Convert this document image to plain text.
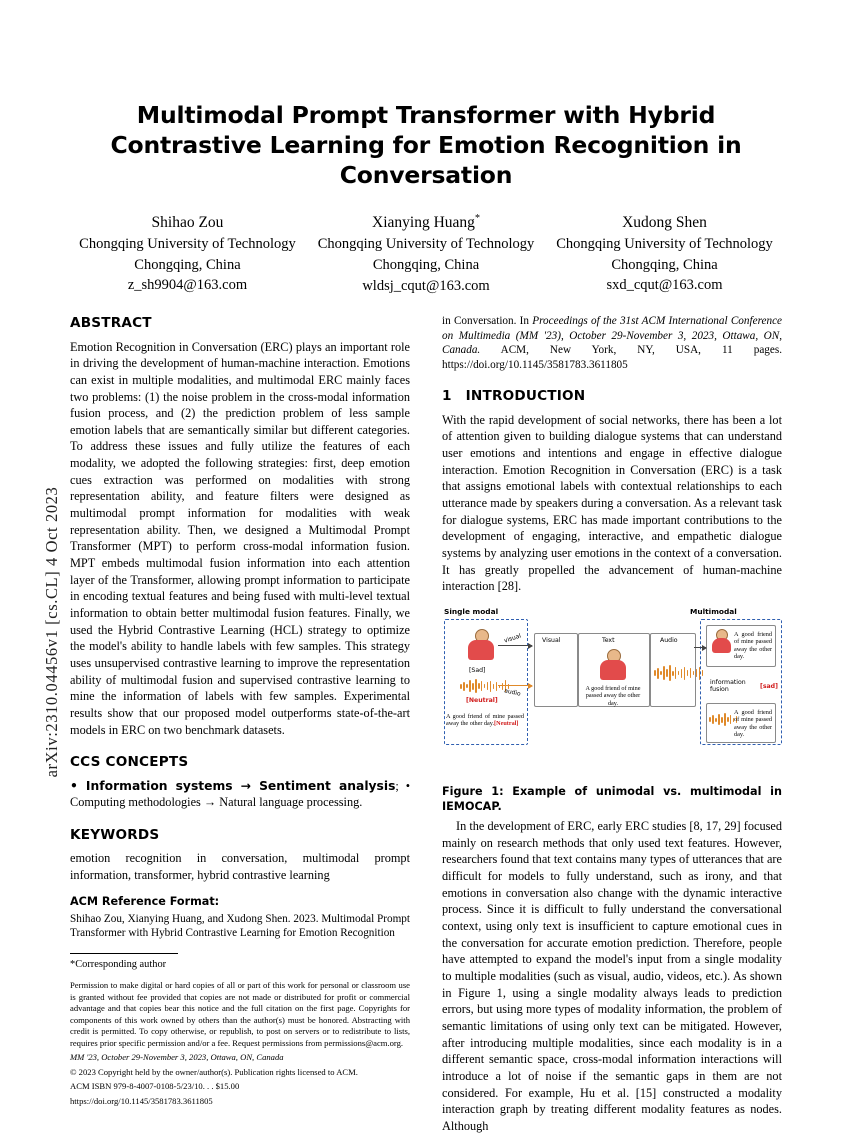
arXiv:2310.04456v1 [cs.CL] 4 Oct 2023
Multimodal Prompt Transformer with Hybrid Contrastive Learning for Emotion Recognition in Conversation
Shihao Zou
Chongqing University of Technology
Chongqing, China
z_sh9904@163.com
Xianying Huang*
Chongqing University of Technology
Chongqing, China
wldsj_cqut@163.com
Xudong Shen
Chongqing University of Technology
Chongqing, China
sxd_cqut@163.com
ABSTRACT

Emotion Recognition in Conversation (ERC) plays an important role in driving the development of human-machine interaction. Emotions can exist in multiple modalities, and multimodal ERC mainly faces two problems: (1) the noise problem in the cross-modal information fusion process, and (2) the prediction problem of less sample emotion labels that are semantically similar but different categories. To address these issues and fully utilize the features of each modality, we adopted the following strategies: first, deep emotion cues extraction was performed on modalities with strong representation ability, and feature filters were designed as multimodal prompt information for modalities with weak representation ability. Then, we designed a Multimodal Prompt Transformer (MPT) to perform cross-modal information fusion. MPT embeds multimodal fusion information into each attention layer of the Transformer, allowing prompt information to participate in encoding textual features and being fused with multi-level textual information to obtain better multimodal fusion features. Finally, we used the Hybrid Contrastive Learning (HCL) strategy to optimize the model's ability to handle labels with few samples. This strategy uses unsupervised contrastive learning to improve the representation ability of multimodal fusion and supervised contrastive learning to mine the information of labels with few samples. Experimental results show that our proposed model outperforms state-of-the-art models in ERC on two benchmark datasets.

CCS CONCEPTS

• Information systems → Sentiment analysis; • Computing methodologies → Natural language processing.

KEYWORDS

emotion recognition in conversation, multimodal prompt information, transformer, hybrid contrastive learning

ACM Reference Format:
Shihao Zou, Xianying Huang, and Xudong Shen. 2023. Multimodal Prompt Transformer with Hybrid Contrastive Learning for Emotion Recognition
*Corresponding author

Permission to make digital or hard copies of all or part of this work for personal or classroom use is granted without fee provided that copies are not made or distributed for profit or commercial advantage and that copies bear this notice and the full citation on the first page. Copyrights for components of this work owned by others than the author(s) must be honored. Abstracting with credit is permitted. To copy otherwise, or republish, to post on servers or to redistribute to lists, requires prior specific permission and/or a fee. Request permissions from permissions@acm.org.

MM '23, October 29-November 3, 2023, Ottawa, ON, Canada

© 2023 Copyright held by the owner/author(s). Publication rights licensed to ACM.

ACM ISBN 979-8-4007-0108-5/23/10. . . $15.00

https://doi.org/10.1145/3581783.3611805

in Conversation. In Proceedings of the 31st ACM International Conference on Multimedia (MM '23), October 29-November 3, 2023, Ottawa, ON, Canada. ACM, New York, NY, USA, 11 pages. https://doi.org/10.1145/3581783.3611805

1 INTRODUCTION

With the rapid development of social networks, there has been a lot of attention given to building dialogue systems that can understand user emotions and intentions and engage in effective dialogue interaction. Emotion Recognition in Conversation (ERC) is a task that assigns emotional labels with contextual relationships to each utterance made by speakers during a conversation. As a relevant task for dialogue systems, ERC has made important contributions to the development of engaging, interactive, and empathetic dialogue systems by analyzing user emotions in the context of a conversation. It has greatly propelled the advancement of human-machine interaction [28].

Single modal	Multimodal
[Sad]
[Neutral]
A good friend of mine passed away the other day.[Neutral]
visual
audio
Visual	Text
A good friend of mine passed away the other day.
Audio
A good friend of mine passed away the other day.
information fusion	[sad]
A good friend of mine passed away the other day.
Figure 1: Example of unimodal vs. multimodal in IEMOCAP.

In the development of ERC, early ERC studies [8, 17, 29] focused mainly on research methods that only used text features. However, researchers found that text contains many types of utterances that are difficult for models to fully understand, such as irony, and that emotions in conversation also change with the dynamic interactive process. Since it is difficult to fully understand the conversational context, using only text is insufficient to capture emotional cues in the conversation for accurate emotion prediction. Therefore, people have attempted to expand the model's input from a single modality to multiple modalities (such as visual, audio, videos, etc.). As shown in Figure 1, using a single modality always leads to prediction errors, but using more types of modality information, the problem of semantic limitations of using only text can be mitigated. However, after introducing multiple modalities, since each modality is in a different semantic space, cross-modal information interactions will introduce a lot of noise if the semantic gaps in them are not considered. For example, Hu et al. [15] constructed a modality interaction graph by treating different modality features as nodes. Although
